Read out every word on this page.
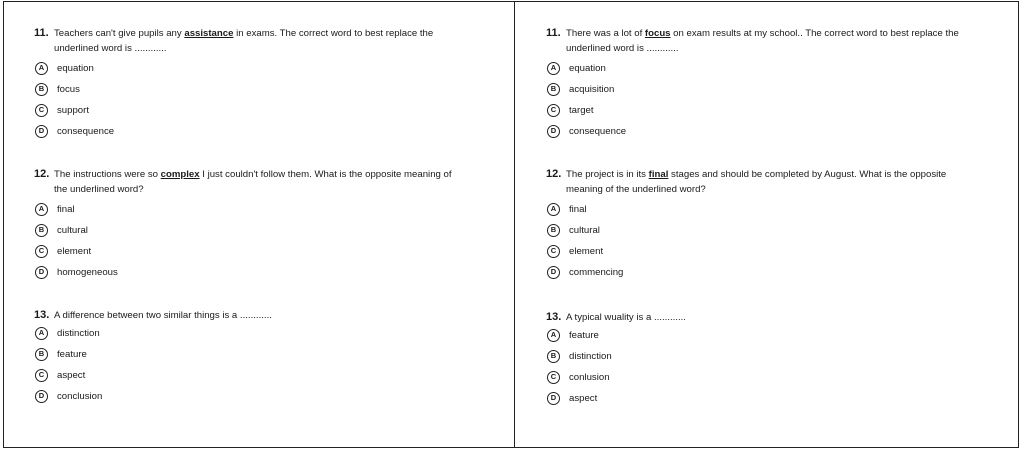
11. Teachers can't give pupils any assistance in exams. The correct word to best replace the
underlined word is ............
A	equation
B	focus
C	support
D	consequence
12. The instructions were so complex I just couldn't follow them. What is the opposite meaning of
the underlined word?
A	final
B	cultural
C	element
D	homogeneous
13. A difference between two similar things is a ............
A	distinction
B	feature
C	aspect
D	conclusion
11. There was a lot of focus on exam results at my school.. The correct word to best replace the
underlined word is ............
A	equation
B	acquisition
C	target
D	consequence
12. The project is in its final stages and should be completed by August. What is the opposite
meaning of the underlined word?
A	final
B	cultural
C	element
D	commencing
13. A typical wuality is a ............
A	feature
B	distinction
C	conlusion
D	aspect
